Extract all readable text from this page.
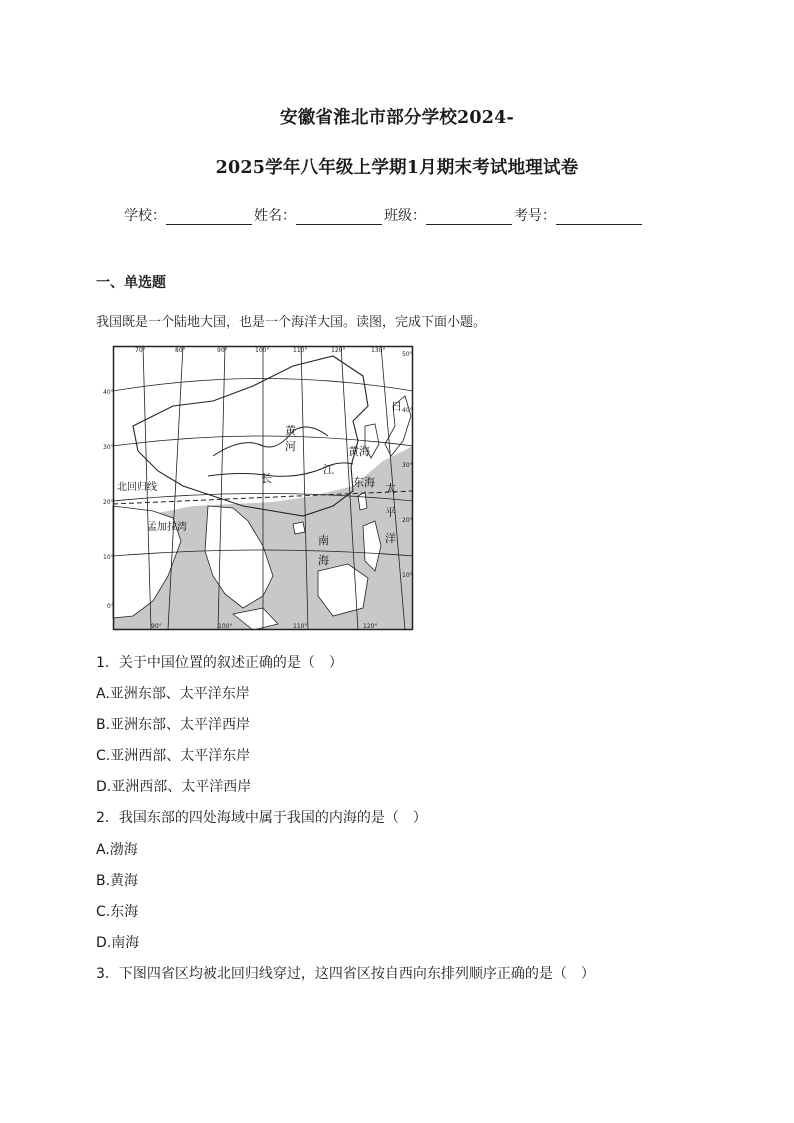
安徽省淮北市部分学校2024-
2025学年八年级上学期1月期末考试地理试卷
学校：	姓名：	班级：	考号：
一、单选题
我国既是一个陆地大国，也是一个海洋大国。读图，完成下面小题。
70°	80°	90°	100°	110°	120°	130°
90°	100°	110°	120°
40°
30°
20°
10°
0°
50°
40°
30°
20°
10°
黄
河
江
长
黄海
东海
南
海
太
平
洋
日
北回归线
孟加拉湾
1．关于中国位置的叙述正确的是（　）
A.亚洲东部、太平洋东岸
B.亚洲东部、太平洋西岸
C.亚洲西部、太平洋东岸
D.亚洲西部、太平洋西岸
2．我国东部的四处海域中属于我国的内海的是（　）
A.渤海
B.黄海
C.东海
D.南海
3．下图四省区均被北回归线穿过，这四省区按自西向东排列顺序正确的是（　）
